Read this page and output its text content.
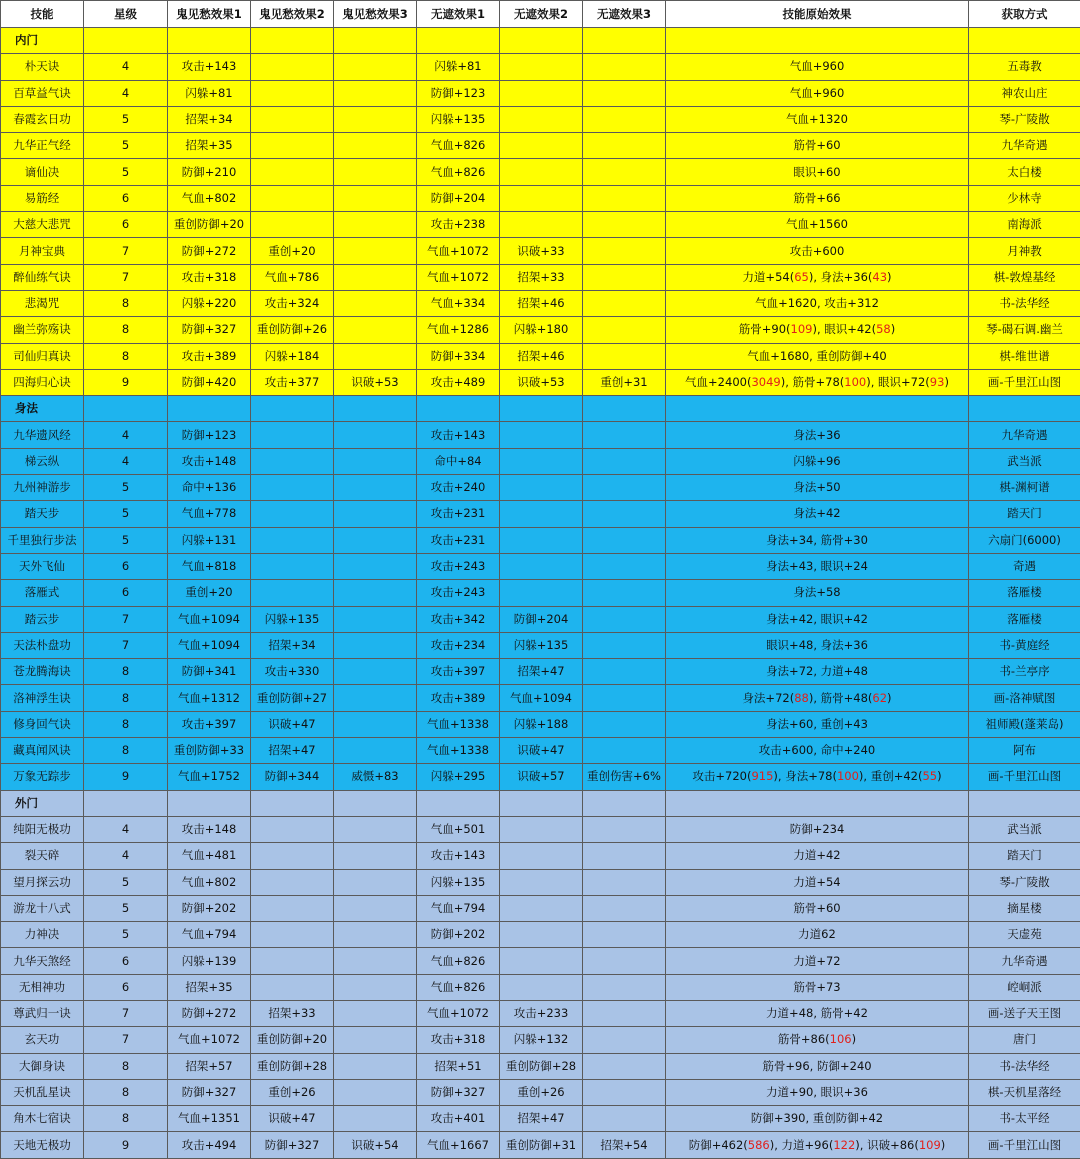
技能	星级	鬼见愁效果1	鬼见愁效果2	鬼见愁效果3	无遮效果1	无遮效果2	无遮效果3	技能原始效果	获取方式
内门									
朴天诀	4	攻击+143			闪躲+81			气血+960	五毒教
百草益气诀	4	闪躲+81			防御+123			气血+960	神农山庄
春霞玄日功	5	招架+34			闪躲+135			气血+1320	琴-广陵散
九华正气经	5	招架+35			气血+826			筋骨+60	九华奇遇
谪仙决	5	防御+210			气血+826			眼识+60	太白楼
易筋经	6	气血+802			防御+204			筋骨+66	少林寺
大慈大悲咒	6	重创防御+20			攻击+238			气血+1560	南海派
月神宝典	7	防御+272	重创+20		气血+1072	识破+33		攻击+600	月神教
醉仙练气诀	7	攻击+318	气血+786		气血+1072	招架+33		力道+54(65), 身法+36(43)	棋-敦煌基经
悲渴咒	8	闪躲+220	攻击+324		气血+334	招架+46		气血+1620, 攻击+312	书-法华经
幽兰弥殇诀	8	防御+327	重创防御+26		气血+1286	闪躲+180		筋骨+90(109), 眼识+42(58)	琴-碣石调.幽兰
司仙归真诀	8	攻击+389	闪躲+184		防御+334	招架+46		气血+1680, 重创防御+40	棋-维世谱
四海归心诀	9	防御+420	攻击+377	识破+53	攻击+489	识破+53	重创+31	气血+2400(3049), 筋骨+78(100), 眼识+72(93)	画-千里江山图
身法									
九华遗风经	4	防御+123			攻击+143			身法+36	九华奇遇
梯云纵	4	攻击+148			命中+84			闪躲+96	武当派
九州神游步	5	命中+136			攻击+240			身法+50	棋-渊柯谱
踏天步	5	气血+778			攻击+231			身法+42	踏天门
千里独行步法	5	闪躲+131			攻击+231			身法+34, 筋骨+30	六扇门(6000)
天外飞仙	6	气血+818			攻击+243			身法+43, 眼识+24	奇遇
落雁式	6	重创+20			攻击+243			身法+58	落雁楼
踏云步	7	气血+1094	闪躲+135		攻击+342	防御+204		身法+42, 眼识+42	落雁楼
天法朴盘功	7	气血+1094	招架+34		攻击+234	闪躲+135		眼识+48, 身法+36	书-黄庭经
苍龙腾海诀	8	防御+341	攻击+330		攻击+397	招架+47		身法+72, 力道+48	书-兰亭序
洛神浮生诀	8	气血+1312	重创防御+27		攻击+389	气血+1094		身法+72(88), 筋骨+48(62)	画-洛神赋图
修身回气诀	8	攻击+397	识破+47		气血+1338	闪躲+188		身法+60, 重创+43	祖师殿(蓬莱岛)
藏真闻风诀	8	重创防御+33	招架+47		气血+1338	识破+47		攻击+600, 命中+240	阿布
万象无踪步	9	气血+1752	防御+344	威慑+83	闪躲+295	识破+57	重创伤害+6%	攻击+720(915), 身法+78(100), 重创+42(55)	画-千里江山图
外门									
纯阳无极功	4	攻击+148			气血+501			防御+234	武当派
裂天碎	4	气血+481			攻击+143			力道+42	踏天门
望月探云功	5	气血+802			闪躲+135			力道+54	琴-广陵散
游龙十八式	5	防御+202			气血+794			筋骨+60	摘星楼
力神决	5	气血+794			防御+202			力道62	天虚苑
九华天煞经	6	闪躲+139			气血+826			力道+72	九华奇遇
无相神功	6	招架+35			气血+826			筋骨+73	崆峒派
尊武归一诀	7	防御+272	招架+33		气血+1072	攻击+233		力道+48, 筋骨+42	画-送子天王图
玄天功	7	气血+1072	重创防御+20		攻击+318	闪躲+132		筋骨+86(106)	唐门
大御身诀	8	招架+57	重创防御+28		招架+51	重创防御+28		筋骨+96, 防御+240	书-法华经
天机乱星诀	8	防御+327	重创+26		防御+327	重创+26		力道+90, 眼识+36	棋-天机星落经
角木七宿诀	8	气血+1351	识破+47		攻击+401	招架+47		防御+390, 重创防御+42	书-太平经
天地无极功	9	攻击+494	防御+327	识破+54	气血+1667	重创防御+31	招架+54	防御+462(586), 力道+96(122), 识破+86(109)	画-千里江山图
